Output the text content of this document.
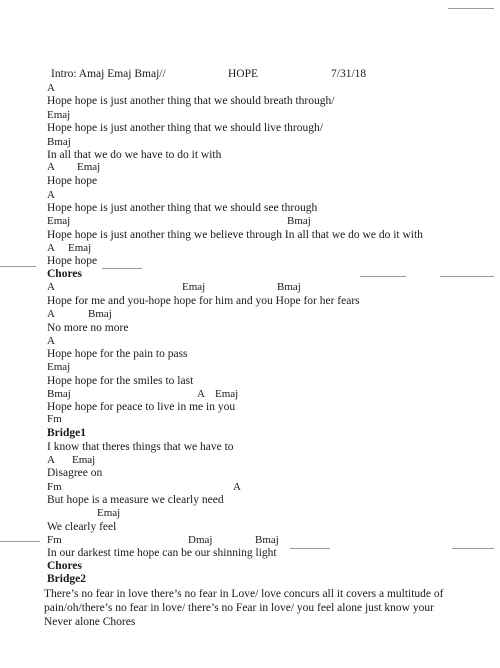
Intro: Amaj Emaj Bmaj//	HOPE	7/31/18
A
Hope hope is just another thing that we should breath through/
Emaj
Hope hope is just another thing that we should live through/
Bmaj
In all that we do we have to do it with
A Emaj
Hope hope
A
Hope hope is just another thing that we should see through
Emaj	Bmaj
Hope hope is just another thing we believe through In all that we do we do it with
A Emaj
Hope hope
Chores
A	Emaj	Bmaj
Hope for me and you-hope hope for him and you Hope for her fears
A	Bmaj
No more no more
A
Hope hope for the pain to pass
Emaj
Hope hope for the smiles to last
Bmaj	A Emaj
Hope hope for peace to live in me in you
Fm
Bridge1
I know that theres things that we have to
A Emaj
Disagree on
Fm	A
But hope is a measure we clearly need
Emaj
We clearly feel
Fm	Dmaj	Bmaj
In our darkest time hope can be our shinning light
Chores
Bridge2
There’s no fear in love there’s no fear in Love/ love concurs all it covers a multitude of pain/oh/there’s no fear in love/ there’s no Fear in love/ you feel alone just know your Never alone Chores
